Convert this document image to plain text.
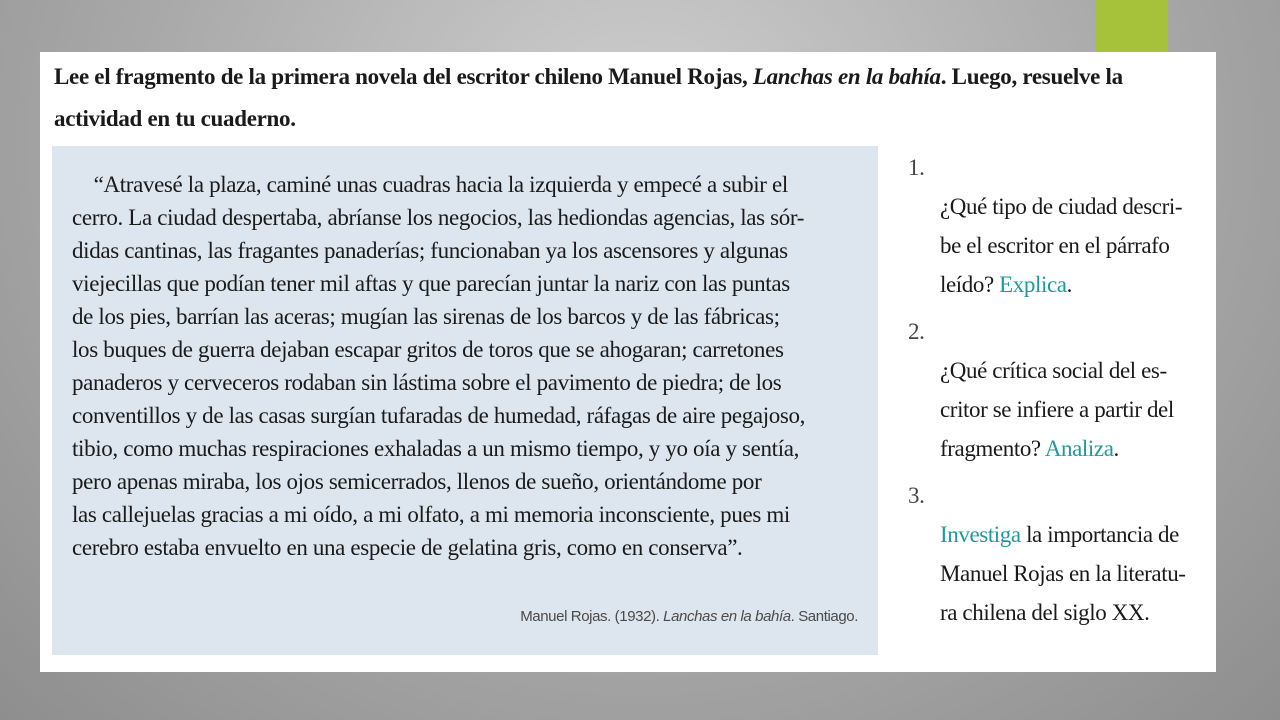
Lee el fragmento de la primera novela del escritor chileno Manuel Rojas, Lanchas en la bahía. Luego, resuelve la actividad en tu cuaderno.
“Atravesé la plaza, caminé unas cuadras hacia la izquierda y empecé a subir el
cerro. La ciudad despertaba, abríanse los negocios, las hediondas agencias, las sór-
didas cantinas, las fragantes panaderías; funcionaban ya los ascensores y algunas
viejecillas que podían tener mil aftas y que parecían juntar la nariz con las puntas
de los pies, barrían las aceras; mugían las sirenas de los barcos y de las fábricas;
los buques de guerra dejaban escapar gritos de toros que se ahogaran; carretones
panaderos y cerveceros rodaban sin lástima sobre el pavimento de piedra; de los
conventillos y de las casas surgían tufaradas de humedad, ráfagas de aire pegajoso,
tibio, como muchas respiraciones exhaladas a un mismo tiempo, y yo oía y sentía,
pero apenas miraba, los ojos semicerrados, llenos de sueño, orientándome por
las callejuelas gracias a mi oído, a mi olfato, a mi memoria inconsciente, pues mi
cerebro estaba envuelto en una especie de gelatina gris, como en conserva”.
Manuel Rojas. (1932). Lanchas en la bahía. Santiago.

1.
¿Qué tipo de ciudad descri-
be el escritor en el párrafo
leído? Explica.

2.
¿Qué crítica social del es-
critor se infiere a partir del
fragmento? Analiza.

3.
Investiga la importancia de
Manuel Rojas en la literatu-
ra chilena del siglo XX.
